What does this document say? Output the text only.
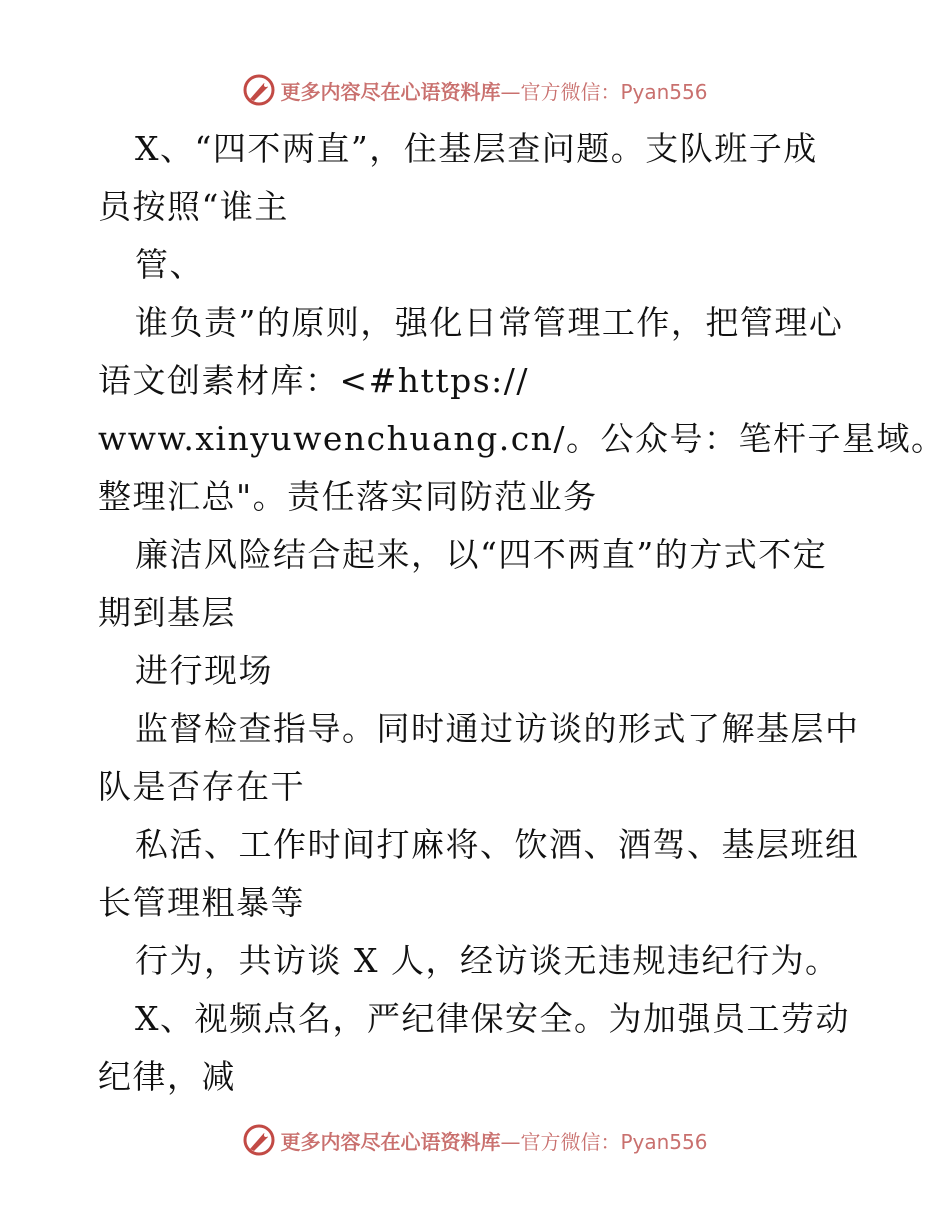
更多内容尽在心语资料库—官方微信：Pyan556
X、“四不两直”，住基层查问题。支队班子成
员按照“谁主
管、
谁负责”的原则，强化日常管理工作，把管理心
语文创素材库：<#https://
www.xinyuwenchuang.cn/。公众号：笔杆子星域。
整理汇总"。责任落实同防范业务
廉洁风险结合起来，以“四不两直”的方式不定
期到基层
进行现场
监督检查指导。同时通过访谈的形式了解基层中
队是否存在干
私活、工作时间打麻将、饮酒、酒驾、基层班组
长管理粗暴等
行为，共访谈 X 人，经访谈无违规违纪行为。
X、视频点名，严纪律保安全。为加强员工劳动
纪律，减
更多内容尽在心语资料库—官方微信：Pyan556
